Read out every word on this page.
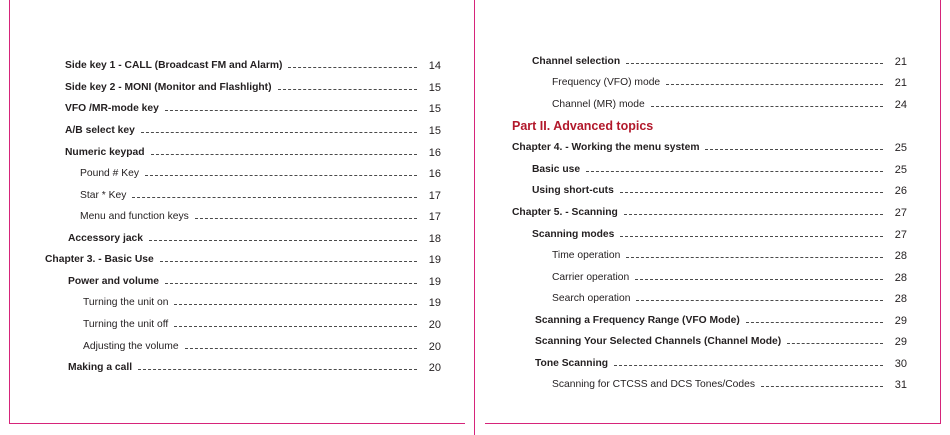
Side key 1 - CALL (Broadcast FM and Alarm)	14
Side key 2 - MONI (Monitor and Flashlight)	15
VFO /MR-mode key	15
A/B select key	15
Numeric keypad	16
Pound # Key	16
Star * Key	17
Menu and function keys	17
Accessory jack	18
Chapter 3. - Basic Use	19
Power and volume	19
Turning the unit on	19
Turning the unit off	20
Adjusting the volume	20
Making a call	20
Part II. Advanced topics
Channel selection	21
Frequency (VFO) mode	21
Channel (MR) mode	24
Chapter 4. - Working the menu system	25
Basic use	25
Using short-cuts	26
Chapter 5. - Scanning	27
Scanning modes	27
Time operation	28
Carrier operation	28
Search operation	28
Scanning a Frequency Range (VFO Mode)	29
Scanning Your Selected Channels (Channel Mode)	29
Tone Scanning	30
Scanning for CTCSS and DCS Tones/Codes	31
